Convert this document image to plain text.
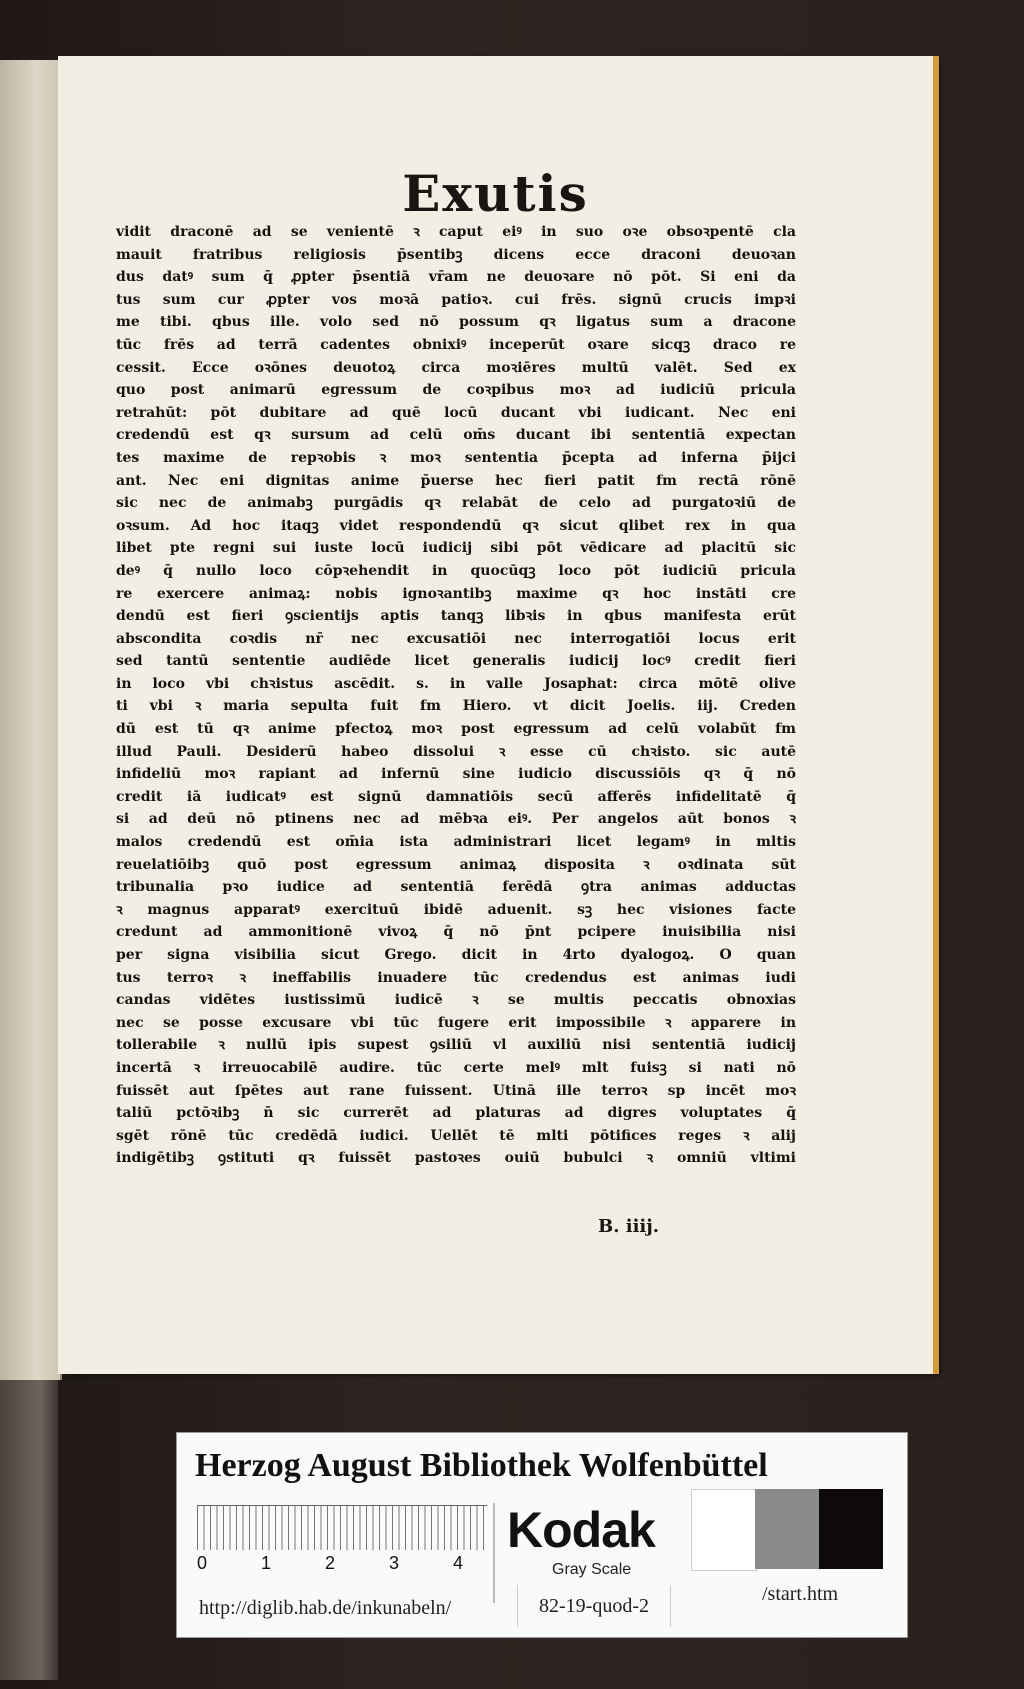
Exutis
vidit draconē ad se venientē ꝛ caput eiꝰ in suo oꝛe obsoꝛpentē cla
mauit fratribus religiosis p̄sentibꝫ dicens ecce draconi deuoꝛan
dus datꝰ sum q̄ ꝓpter p̄sentiā vr̄am ne deuoꝛare nō pōt. Si eni da
tus sum cur ꝓpter vos moꝛā patioꝛ. cui frēs. signū crucis impꝛi
me tibi. qbus ille. volo sed nō possum qꝛ ligatus sum a dracone
tūc frēs ad terrā cadentes obnixiꝰ inceperūt oꝛare sicqꝫ draco re
cessit. Ecce oꝛōnes deuotoꝝ circa moꝛiēres multū valēt. Sed ex
quo post animarū egressum de coꝛpibus moꝛ ad iudiciū pricula
retrahūt: pōt dubitare ad quē locū ducant vbi iudicant. Nec eni
credendū est qꝛ sursum ad celū om̄s ducant ibi sententiā expectan
tes maxime de repꝛobis ꝛ moꝛ sententia p̄cepta ad inferna p̄ijci
ant. Nec eni dignitas anime p̄uerse hec fieri patit fm rectā rōnē
sic nec de animabꝫ purgādis qꝛ relabāt de celo ad purgatoꝛiū de
oꝛsum. Ad hoc itaqꝫ videt respondendū qꝛ sicut qlibet rex in qua
libet pte regni sui iuste locū iudicij sibi pōt vēdicare ad placitū sic
deꝰ q̄ nullo loco cōpꝛehendit in quocūqꝫ loco pōt iudiciū pricula
re exercere animaꝝ: nobis ignoꝛantibꝫ maxime qꝛ hoc instāti cre
dendū est fieri ꝯscientijs aptis tanqꝫ libꝛis in qbus manifesta erūt
abscondita coꝛdis nr̄ nec excusatiōi nec interrogatiōi locus erit
sed tantū sententie audiēde licet generalis iudicij locꝰ credit fieri
in loco vbi chꝛistus ascēdit. s. in valle Josaphat: circa mōtē olive
ti vbi ꝛ maria sepulta fuit fm Hiero. vt dicit Joelis. iij. Creden
dū est tū qꝛ anime pfectoꝝ moꝛ post egressum ad celū volabūt fm
illud Pauli. Desiderū habeo dissolui ꝛ esse cū chꝛisto. sic autē
infideliū moꝛ rapiant ad infernū sine iudicio discussiōis qꝛ q̄ nō
credit iā iudicatꝰ est signū damnatiōis secū afferēs infidelitatē q̄
si ad deū nō ptinens nec ad mēbꝛa eiꝰ. Per angelos aūt bonos ꝛ
malos credendū est om̄ia ista administrari licet legamꝰ in mltis
reuelatiōibꝫ quō post egressum animaꝝ disposita ꝛ oꝛdinata sūt
tribunalia pꝛo iudice ad sententiā ferēdā ꝯtra animas adductas
ꝛ magnus apparatꝰ exercituū ibidē aduenit. sꝫ hec visiones facte
credunt ad ammonitionē vivoꝝ q̄ nō p̄nt pcipere inuisibilia nisi
per signa visibilia sicut Grego. dicit in 4rto dyalogoꝝ. O quan
tus terroꝛ ꝛ ineffabilis inuadere tūc credendus est animas iudi
candas vidētes iustissimū iudicē ꝛ se multis peccatis obnoxias
nec se posse excusare vbi tūc fugere erit impossibile ꝛ apparere in
tollerabile ꝛ nullū ipis supest ꝯsiliū vl auxiliū nisi sententiā iudicij
incertā ꝛ irreuocabilē audire. tūc certe melꝰ mlt fuisꝫ si nati nō
fuissēt aut ſpētes aut rane fuissent. Utinā ille terroꝛ sp incēt moꝛ
taliū pctōꝛibꝫ n̄ sic currerēt ad platuras ad digres voluptates q̄
sgēt rōnē tūc credēdā iudici. Uellēt tē mlti pōtifices reges ꝛ alij
indigētibꝫ ꝯstituti qꝛ fuissēt pastoꝛes ouiū bubulci ꝛ omniū vltimi
B. iiij.
Herzog August Bibliothek Wolfenbüttel
0	1	2	3	4
Kodak
Gray Scale
http://diglib.hab.de/inkunabeln/	82-19-quod-2
/start.htm
